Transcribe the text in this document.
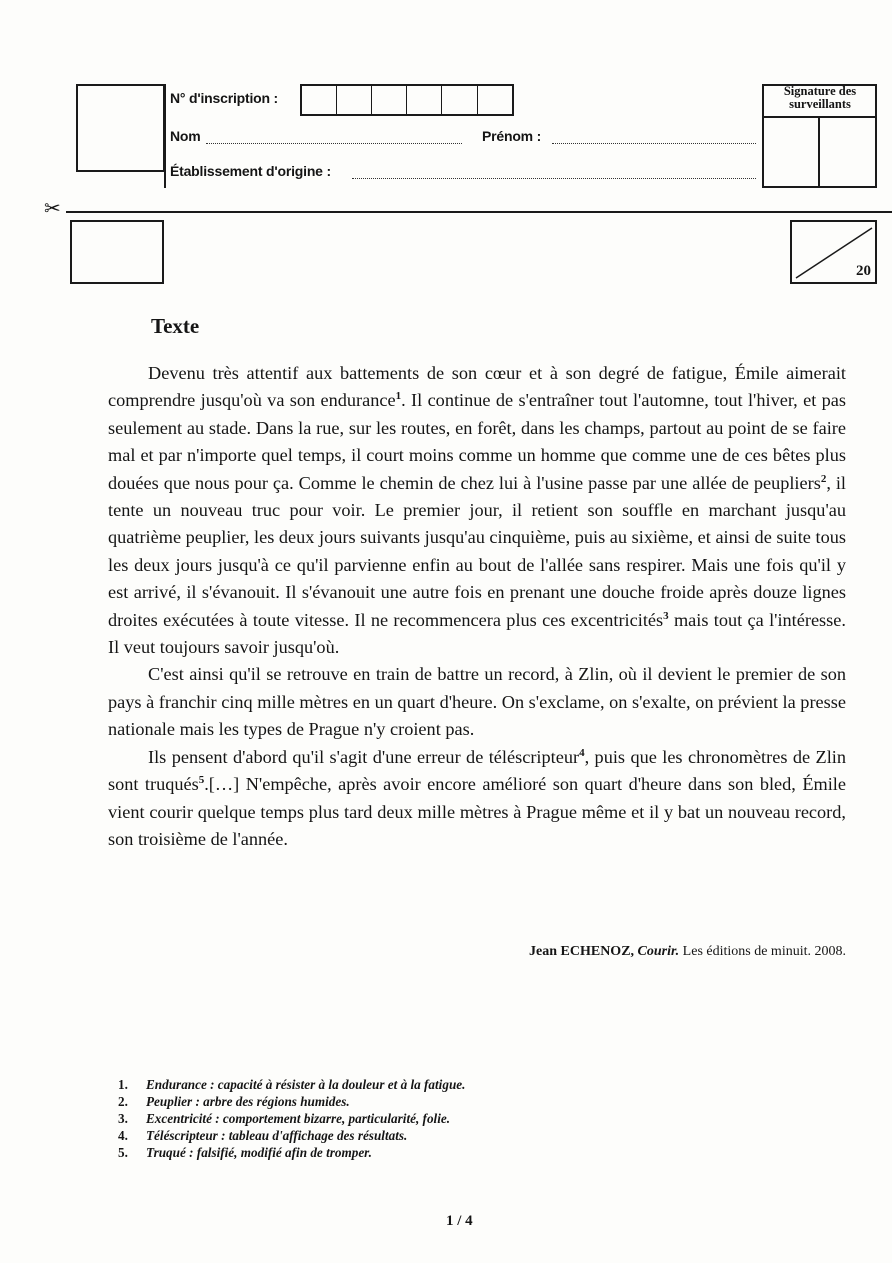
N° d'inscription :
Nom	Prénom :
Établissement d'origine :
Signature des surveillants
✂
20
Texte

Devenu très attentif aux battements de son cœur et à son degré de fatigue, Émile aimerait comprendre jusqu'où va son endurance$^1$. Il continue de s'entraîner tout l'automne, tout l'hiver, et pas seulement au stade. Dans la rue, sur les routes, en forêt, dans les champs, partout au point de se faire mal et par n'importe quel temps, il court moins comme un homme que comme une de ces bêtes plus douées que nous pour ça. Comme le chemin de chez lui à l'usine passe par une allée de peupliers$^2$, il tente un nouveau truc pour voir. Le premier jour, il retient son souffle en marchant jusqu'au quatrième peuplier, les deux jours suivants jusqu'au cinquième, puis au sixième, et ainsi de suite tous les deux jours jusqu'à ce qu'il parvienne enfin au bout de l'allée sans respirer. Mais une fois qu'il y est arrivé, il s'évanouit. Il s'évanouit une autre fois en prenant une douche froide après douze lignes droites exécutées à toute vitesse. Il ne recommencera plus ces excentricités$^3$ mais tout ça l'intéresse. Il veut toujours savoir jusqu'où.

C'est ainsi qu'il se retrouve en train de battre un record, à Zlin, où il devient le premier de son pays à franchir cinq mille mètres en un quart d'heure. On s'exclame, on s'exalte, on prévient la presse nationale mais les types de Prague n'y croient pas.

Ils pensent d'abord qu'il s'agit d'une erreur de téléscripteur$^4$, puis que les chronomètres de Zlin sont truqués$^5$.[…] N'empêche, après avoir encore amélioré son quart d'heure dans son bled, Émile vient courir quelque temps plus tard deux mille mètres à Prague même et il y bat un nouveau record, son troisième de l'année.

Jean ECHENOZ, Courir. Les éditions de minuit. 2008.
1. Endurance : capacité à résister à la douleur et à la fatigue.
2. Peuplier : arbre des régions humides.
3. Excentricité : comportement bizarre, particularité, folie.
4. Téléscripteur : tableau d'affichage des résultats.
5. Truqué : falsifié, modifié afin de tromper.
1 / 4
